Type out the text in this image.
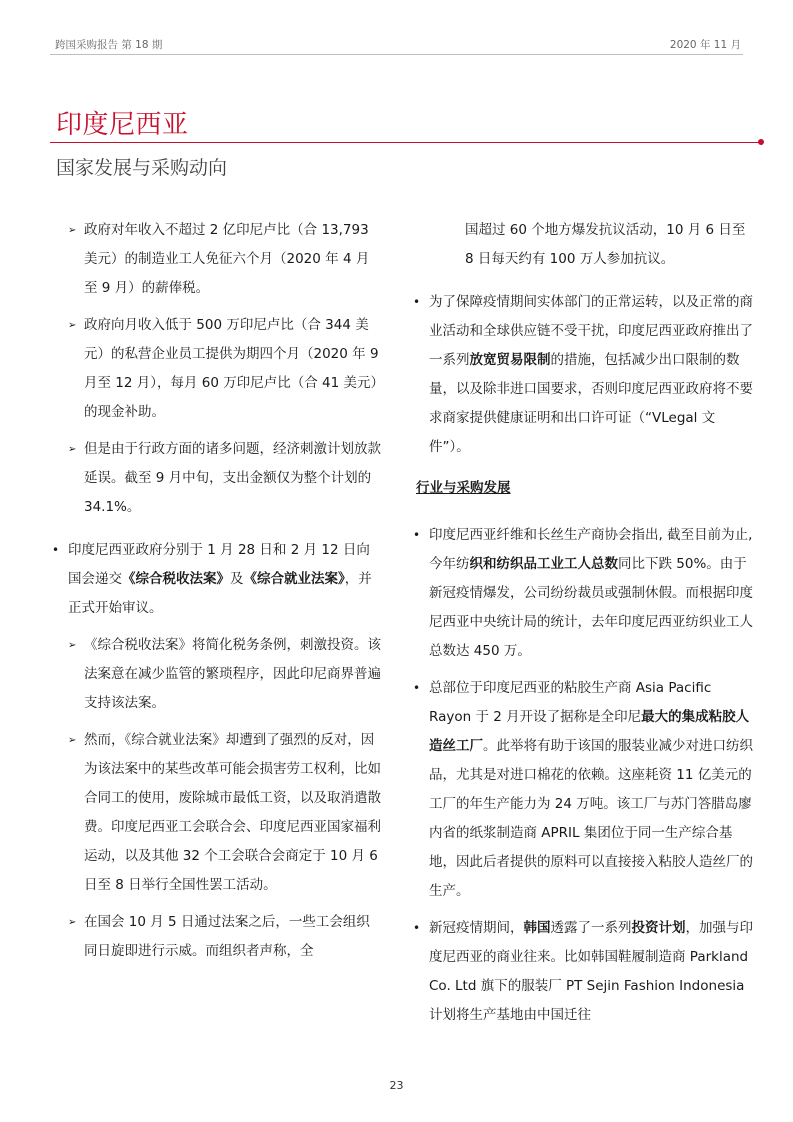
跨国采购报告 第 18 期	2020 年 11 月
印度尼西亚
国家发展与采购动向
➢ 政府对年收入不超过 2 亿印尼卢比（合 13,793 美元）的制造业工人免征六个月（2020 年 4 月至 9 月）的薪俸税。
➢ 政府向月收入低于 500 万印尼卢比（合 344 美元）的私营企业员工提供为期四个月（2020 年 9 月至 12 月），每月 60 万印尼卢比（合 41 美元）的现金补助。
➢ 但是由于行政方面的诸多问题，经济刺激计划放款延误。截至 9 月中旬，支出金额仅为整个计划的 34.1%。
• 印度尼西亚政府分别于 1 月 28 日和 2 月 12 日向国会递交《综合税收法案》及《综合就业法案》，并正式开始审议。
➢ 《综合税收法案》将简化税务条例，刺激投资。该法案意在减少监管的繁琐程序，因此印尼商界普遍支持该法案。
➢ 然而，《综合就业法案》却遭到了强烈的反对，因为该法案中的某些改革可能会损害劳工权利，比如合同工的使用，废除城市最低工资，以及取消遣散费。印度尼西亚工会联合会、印度尼西亚国家福利运动，以及其他 32 个工会联合会商定于 10 月 6 日至 8 日举行全国性罢工活动。
➢ 在国会 10 月 5 日通过法案之后，一些工会组织同日旋即进行示威。而组织者声称，全
国超过 60 个地方爆发抗议活动，10 月 6 日至 8 日每天约有 100 万人参加抗议。
• 为了保障疫情期间实体部门的正常运转，以及正常的商业活动和全球供应链不受干扰，印度尼西亚政府推出了一系列放宽贸易限制的措施，包括减少出口限制的数量，以及除非进口国要求，否则印度尼西亚政府将不要求商家提供健康证明和出口许可证（“VLegal 文件”）。
行业与采购发展
• 印度尼西亚纤维和长丝生产商协会指出, 截至目前为止, 今年纺织和纺织品工业工人总数同比下跌 50%。由于新冠疫情爆发，公司纷纷裁员或强制休假。而根据印度尼西亚中央统计局的统计，去年印度尼西亚纺织业工人总数达 450 万。
• 总部位于印度尼西亚的粘胶生产商 Asia Pacific Rayon 于 2 月开设了据称是全印尼最大的集成粘胶人造丝工厂。此举将有助于该国的服装业减少对进口纺织品，尤其是对进口棉花的依赖。这座耗资 11 亿美元的工厂的年生产能力为 24 万吨。该工厂与苏门答腊岛廖内省的纸浆制造商 APRIL 集团位于同一生产综合基地，因此后者提供的原料可以直接接入粘胶人造丝厂的生产。
• 新冠疫情期间，韩国透露了一系列投资计划，加强与印度尼西亚的商业往来。比如韩国鞋履制造商 Parkland Co. Ltd 旗下的服装厂 PT Sejin Fashion Indonesia 计划将生产基地由中国迁往
23
